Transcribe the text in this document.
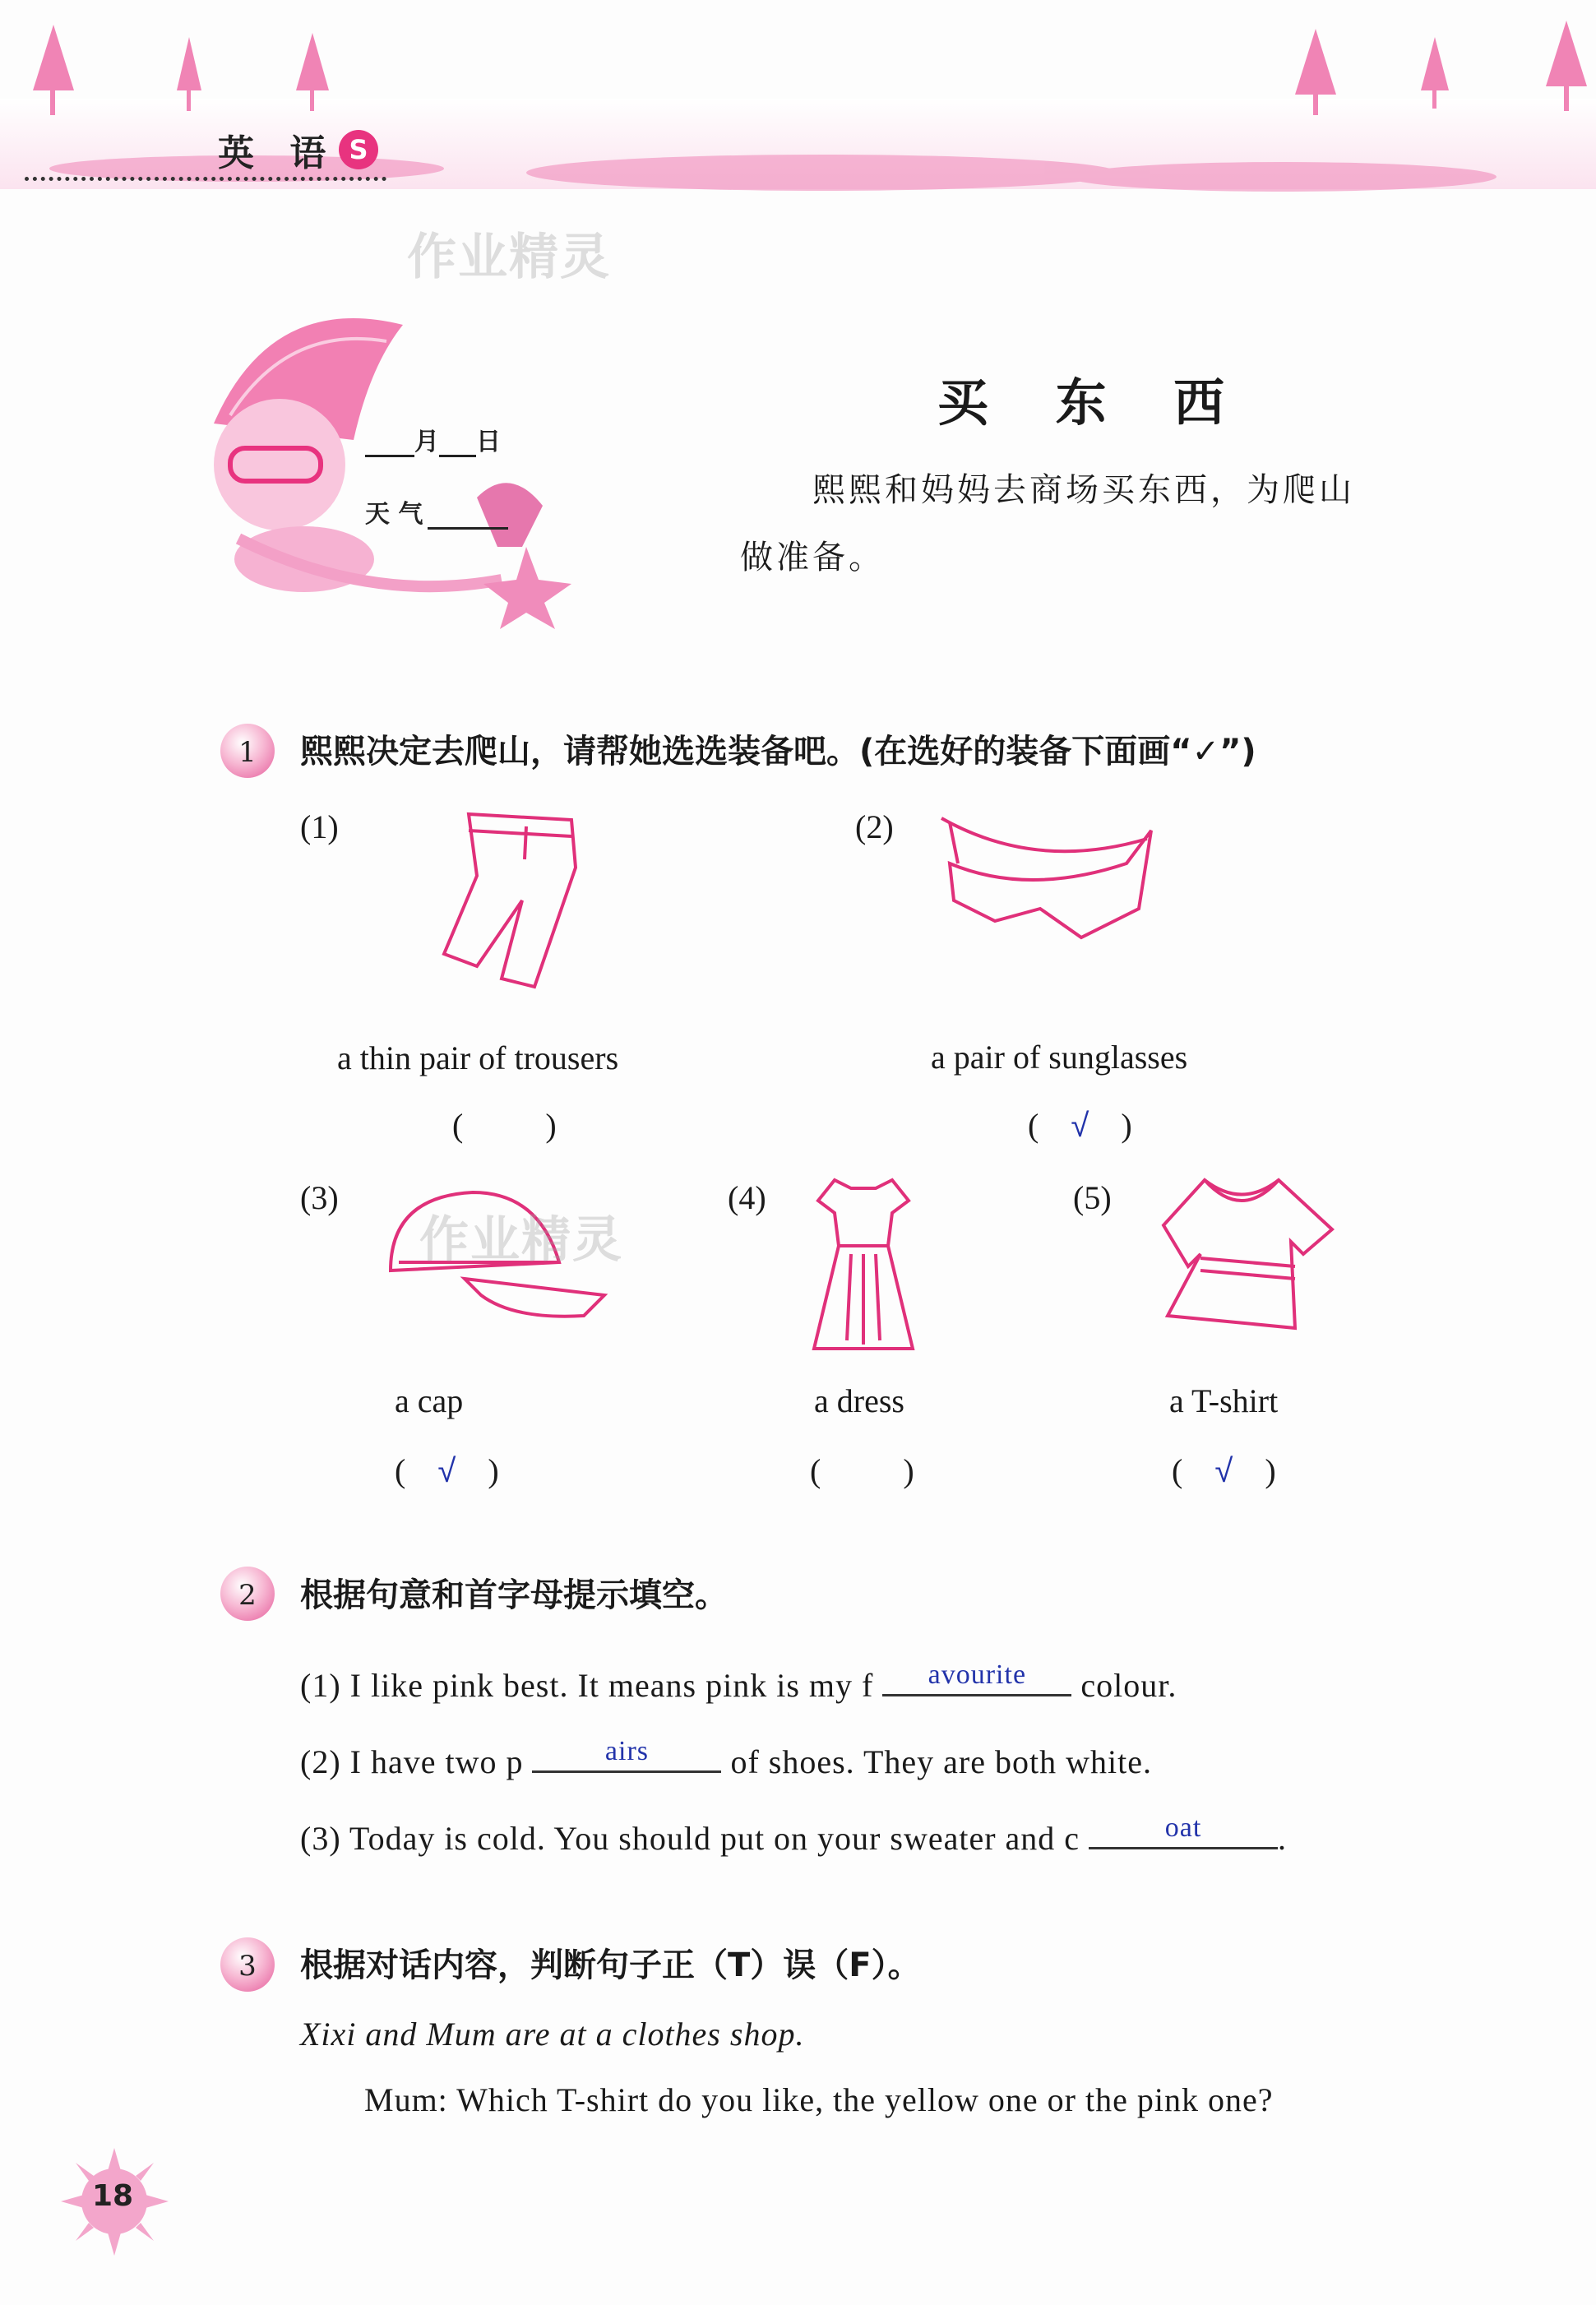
英 语 S
作业精灵
月 日
天 气
买 东 西
熙熙和妈妈去商场买东西，为爬山做准备。
1	熙熙决定去爬山，请帮她选选装备吧。(在选好的装备下面画“✓”)
(1)
a thin pair of trousers
(	)
(2)
a pair of sunglasses
( √ )
(3)
作业精灵
a cap
( √ )
(4)
a dress
(	)
(5)
a T-shirt
( √ )
2	根据句意和首字母提示填空。
(1) I like pink best. It means pink is my f	avourite	colour.
(2) I have two p	airs	of shoes. They are both white.
(3) Today is cold. You should put on your sweater and c	oat	.
3	根据对话内容，判断句子正（T）误（F）。
Xixi and Mum are at a clothes shop.
Mum: Which T-shirt do you like, the yellow one or the pink one?
18
